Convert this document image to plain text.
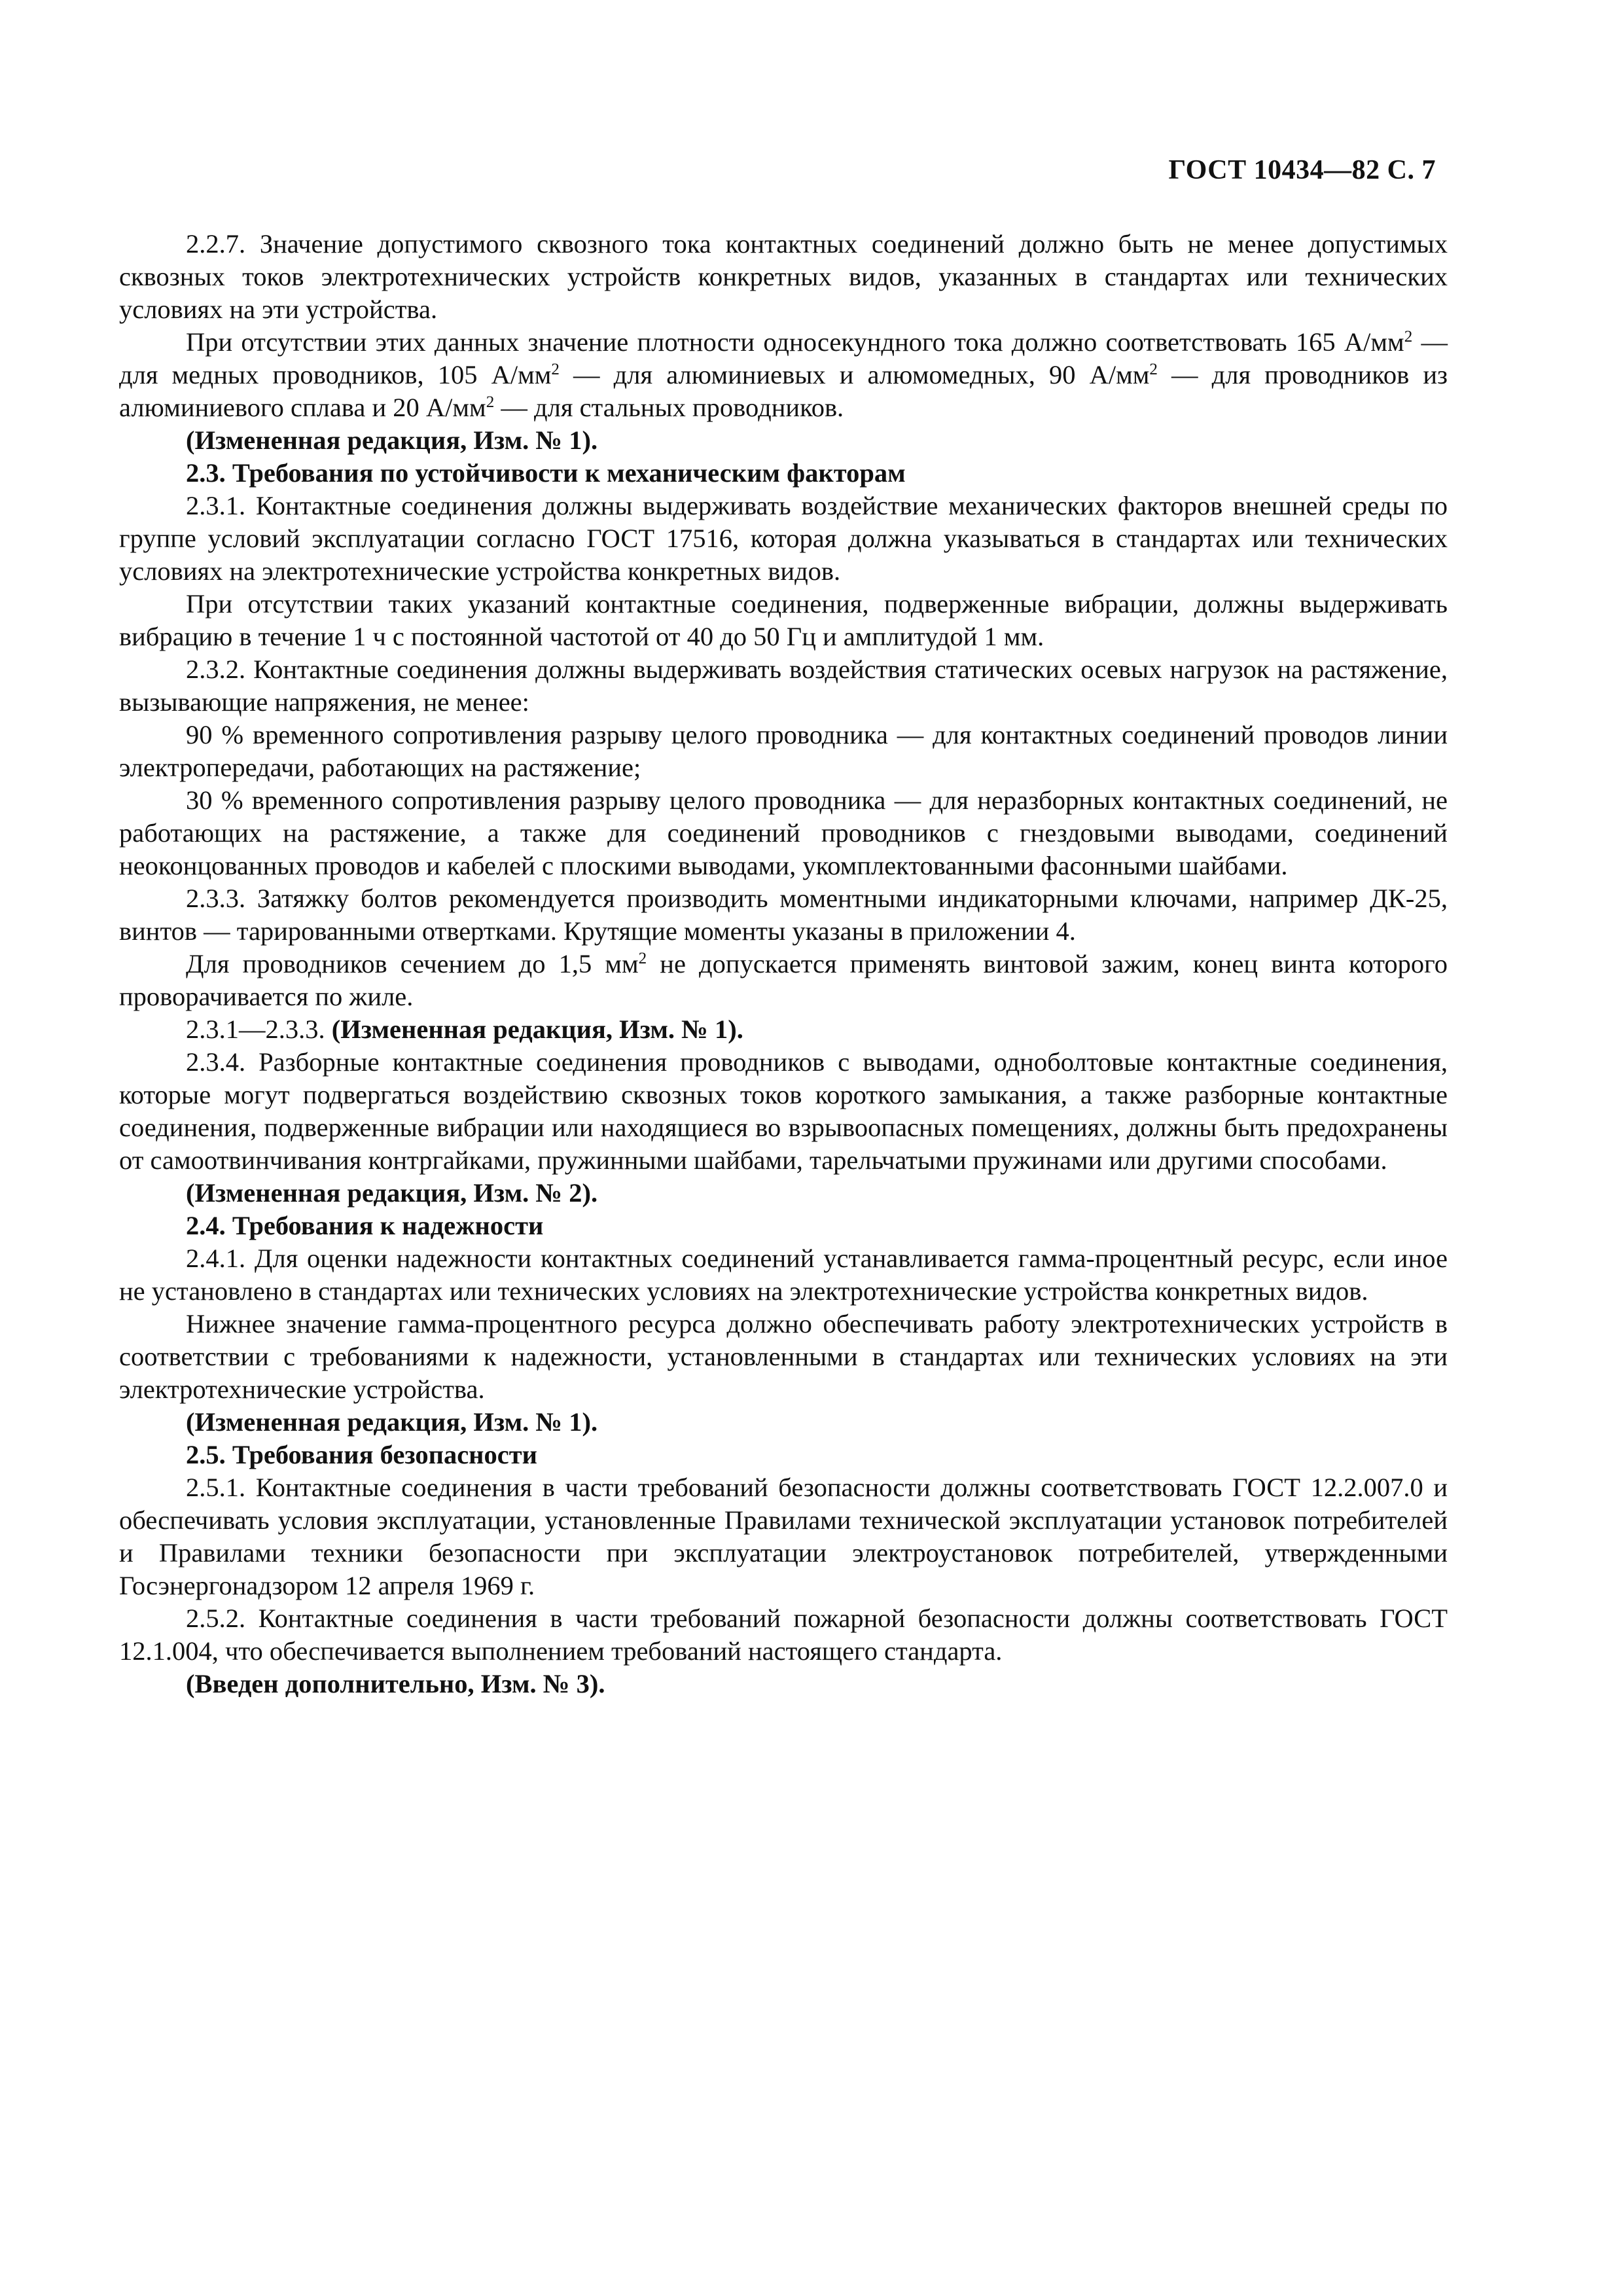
ГОСТ 10434—82 С. 7

2.2.7. Значение допустимого сквозного тока контактных соединений должно быть не менее допустимых сквозных токов электротехнических устройств конкретных видов, указанных в стандартах или технических условиях на эти устройства.

При отсутствии этих данных значение плотности односекундного тока должно соответствовать 165 $А/мм^2$ — для медных проводников, 105 $А/мм^2$ — для алюминиевых и алюмомедных, 90 $А/мм^2$ — для проводников из алюминиевого сплава и 20 $А/мм^2$ — для стальных проводников.

(Измененная редакция, Изм. № 1).

2.3. Требования по устойчивости к механическим факторам

2.3.1. Контактные соединения должны выдерживать воздействие механических факторов внешней среды по группе условий эксплуатации согласно ГОСТ 17516, которая должна указываться в стандартах или технических условиях на электротехнические устройства конкретных видов.

При отсутствии таких указаний контактные соединения, подверженные вибрации, должны выдерживать вибрацию в течение 1 ч с постоянной частотой от 40 до 50 Гц и амплитудой 1 мм.

2.3.2. Контактные соединения должны выдерживать воздействия статических осевых нагрузок на растяжение, вызывающие напряжения, не менее:

90 % временного сопротивления разрыву целого проводника — для контактных соединений проводов линии электропередачи, работающих на растяжение;

30 % временного сопротивления разрыву целого проводника — для неразборных контактных соединений, не работающих на растяжение, а также для соединений проводников с гнездовыми выводами, соединений неоконцованных проводов и кабелей с плоскими выводами, укомплектованными фасонными шайбами.

2.3.3. Затяжку болтов рекомендуется производить моментными индикаторными ключами, например ДК-25, винтов — тарированными отвертками. Крутящие моменты указаны в приложении 4.

Для проводников сечением до 1,5 $мм^2$ не допускается применять винтовой зажим, конец винта которого проворачивается по жиле.

2.3.1—2.3.3. (Измененная редакция, Изм. № 1).

2.3.4. Разборные контактные соединения проводников с выводами, одноболтовые контактные соединения, которые могут подвергаться воздействию сквозных токов короткого замыкания, а также разборные контактные соединения, подверженные вибрации или находящиеся во взрывоопасных помещениях, должны быть предохранены от самоотвинчивания контргайками, пружинными шайбами, тарельчатыми пружинами или другими способами.

(Измененная редакция, Изм. № 2).

2.4. Требования к надежности

2.4.1. Для оценки надежности контактных соединений устанавливается гамма-процентный ресурс, если иное не установлено в стандартах или технических условиях на электротехнические устройства конкретных видов.

Нижнее значение гамма-процентного ресурса должно обеспечивать работу электротехнических устройств в соответствии с требованиями к надежности, установленными в стандартах или технических условиях на эти электротехнические устройства.

(Измененная редакция, Изм. № 1).

2.5. Требования безопасности

2.5.1. Контактные соединения в части требований безопасности должны соответствовать ГОСТ 12.2.007.0 и обеспечивать условия эксплуатации, установленные Правилами технической эксплуатации установок потребителей и Правилами техники безопасности при эксплуатации электроустановок потребителей, утвержденными Госэнергонадзором 12 апреля 1969 г.

2.5.2. Контактные соединения в части требований пожарной безопасности должны соответствовать ГОСТ 12.1.004, что обеспечивается выполнением требований настоящего стандарта.

(Введен дополнительно, Изм. № 3).
